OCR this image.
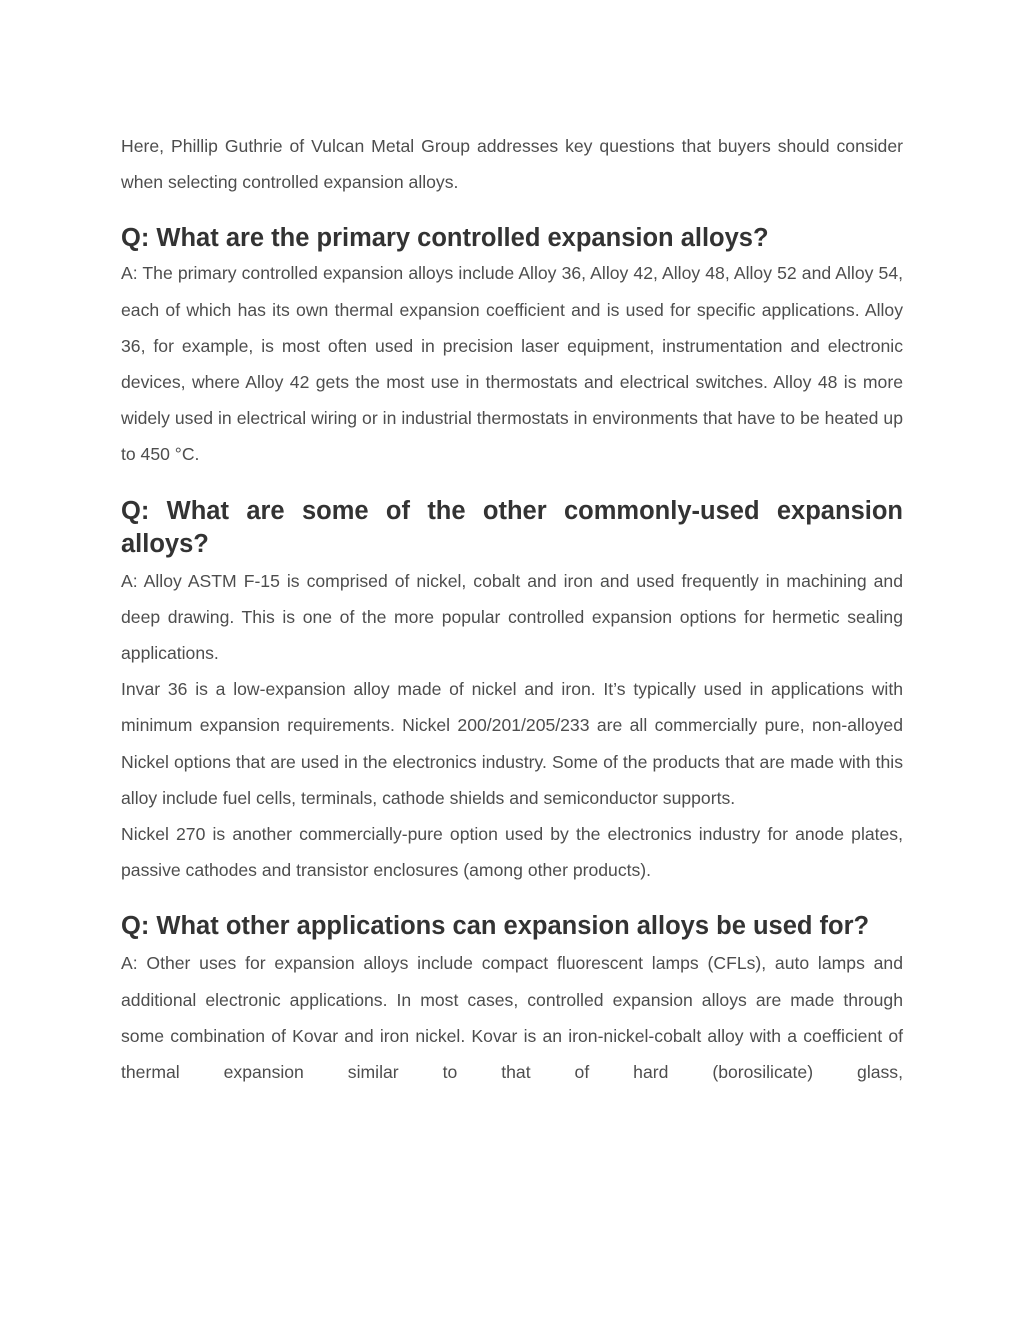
Here, Phillip Guthrie of Vulcan Metal Group addresses key questions that buyers should consider when selecting controlled expansion alloys.

Q: What are the primary controlled expansion alloys?

A: The primary controlled expansion alloys include Alloy 36, Alloy 42, Alloy 48, Alloy 52 and Alloy 54, each of which has its own thermal expansion coefficient and is used for specific applications. Alloy 36, for example, is most often used in precision laser equipment, instrumentation and electronic devices, where Alloy 42 gets the most use in thermostats and electrical switches. Alloy 48 is more widely used in electrical wiring or in industrial thermostats in environments that have to be heated up to 450 °C.

Q: What are some of the other commonly-used expansion alloys?

A: Alloy ASTM F-15 is comprised of nickel, cobalt and iron and used frequently in machining and deep drawing. This is one of the more popular controlled expansion options for hermetic sealing applications.

Invar 36 is a low-expansion alloy made of nickel and iron. It’s typically used in applications with minimum expansion requirements. Nickel 200/201/205/233 are all commercially pure, non-alloyed Nickel options that are used in the electronics industry. Some of the products that are made with this alloy include fuel cells, terminals, cathode shields and semiconductor supports.

Nickel 270 is another commercially-pure option used by the electronics industry for anode plates, passive cathodes and transistor enclosures (among other products).

Q: What other applications can expansion alloys be used for?

A: Other uses for expansion alloys include compact fluorescent lamps (CFLs), auto lamps and additional electronic applications. In most cases, controlled expansion alloys are made through some combination of Kovar and iron nickel. Kovar is an iron-nickel-cobalt alloy with a coefficient of thermal expansion similar to that of hard (borosilicate) glass,
